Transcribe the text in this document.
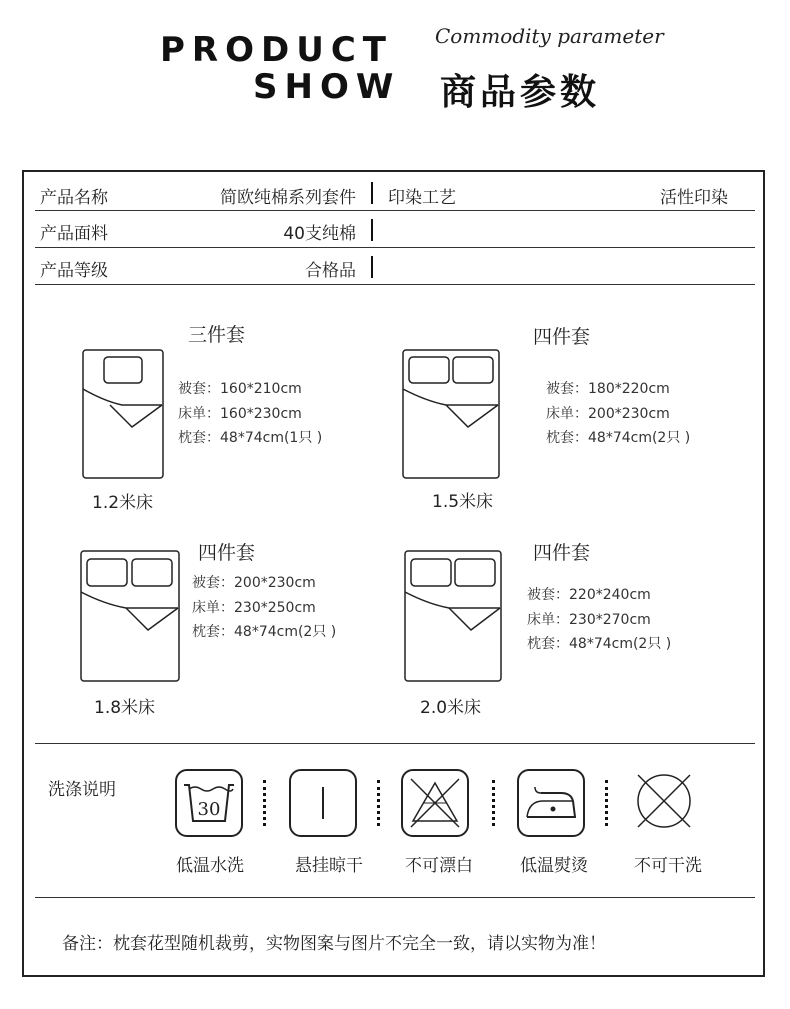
PRODUCT
SHOW
Commodity parameter
商品参数
产品名称	简欧纯棉系列套件 印染工艺	活性印染
产品面料	40支纯棉
产品等级	合格品
三件套
被套：160*210cm
床单：160*230cm
枕套：48*74cm(1只 )
1.2米床
四件套
被套：180*220cm
床单：200*230cm
枕套：48*74cm(2只 )
1.5米床
四件套
被套：200*230cm
床单：230*250cm
枕套：48*74cm(2只 )
1.8米床
四件套
被套：220*240cm
床单：230*270cm
枕套：48*74cm(2只 )
2.0米床
洗涤说明
30
低温水洗	悬挂晾干	不可漂白	低温熨烫	不可干洗
备注：枕套花型随机裁剪，实物图案与图片不完全一致，请以实物为准！
